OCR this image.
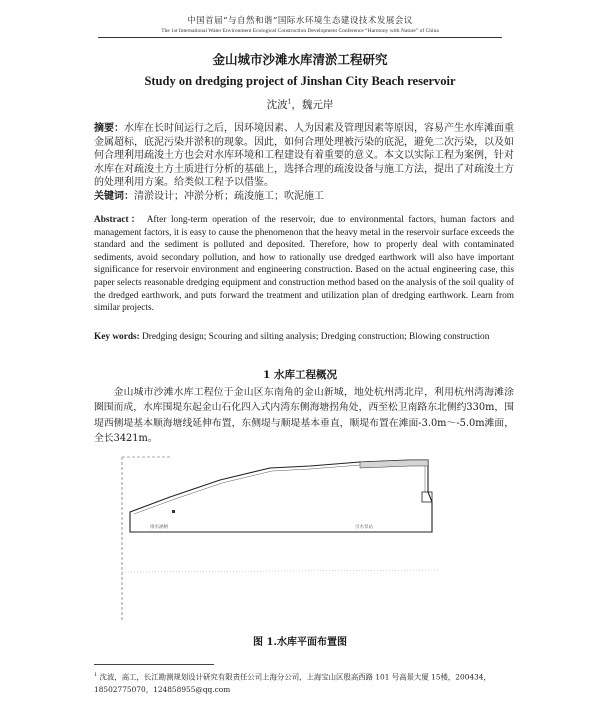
中国首届“与自然和谐”国际水环境生态建设技术发展会议
The 1st International Water Environment Ecological Construction Development Conference “Harmony with Nature” of China
金山城市沙滩水库清淤工程研究
Study on dredging project of Jinshan City Beach reservoir
沈波$^1$，魏元岸
摘要：水库在长时间运行之后，因环境因素、人为因素及管理因素等原因，容易产生水库滩面重金属超标，底泥污染并淤积的现象。因此，如何合理处理被污染的底泥，避免二次污染，以及如何合理利用疏浚土方也会对水库环境和工程建设有着重要的意义。本文以实际工程为案例，针对水库在对疏浚土方土质进行分析的基础上，选择合理的疏浚设备与施工方法，提出了对疏浚土方的处理利用方案。给类似工程予以借鉴。
关键词：清淤设计；冲淤分析；疏浚施工；吹泥施工
Abstract： After long-term operation of the reservoir, due to environmental factors, human factors and management factors, it is easy to cause the phenomenon that the heavy metal in the reservoir surface exceeds the standard and the sediment is polluted and deposited. Therefore, how to properly deal with contaminated sediments, avoid secondary pollution, and how to rationally use dredged earthwork will also have important significance for reservoir environment and engineering construction. Based on the actual engineering case, this paper selects reasonable dredging equipment and construction method based on the analysis of the soil quality of the dredged earthwork, and puts forward the treatment and utilization plan of dredging earthwork. Learn from similar projects.
Key words: Dredging design; Scouring and silting analysis; Dredging construction; Blowing construction
1 水库工程概况
金山城市沙滩水库工程位于金山区东南角的金山新城，地处杭州湾北岸，利用杭州湾海滩涂圈围而成，水库围堤东起金山石化四入式内湾东侧海塘拐角处，西至松卫南路东北侧约330m，围堤西侧堤基本顺海塘线延伸布置，东侧堤与顺堤基本垂直，顺堤布置在滩面-3.0m～-5.0m滩面，全长3421m。
排水涵闸	引水泵站
图 1.水库平面布置图
$^1$ 沈波，高工，长江勘测规划设计研究有限责任公司上海分公司，上海宝山区殷高西路 101 号高景大厦 15楼，200434，18502775070，124858955@qq.com
